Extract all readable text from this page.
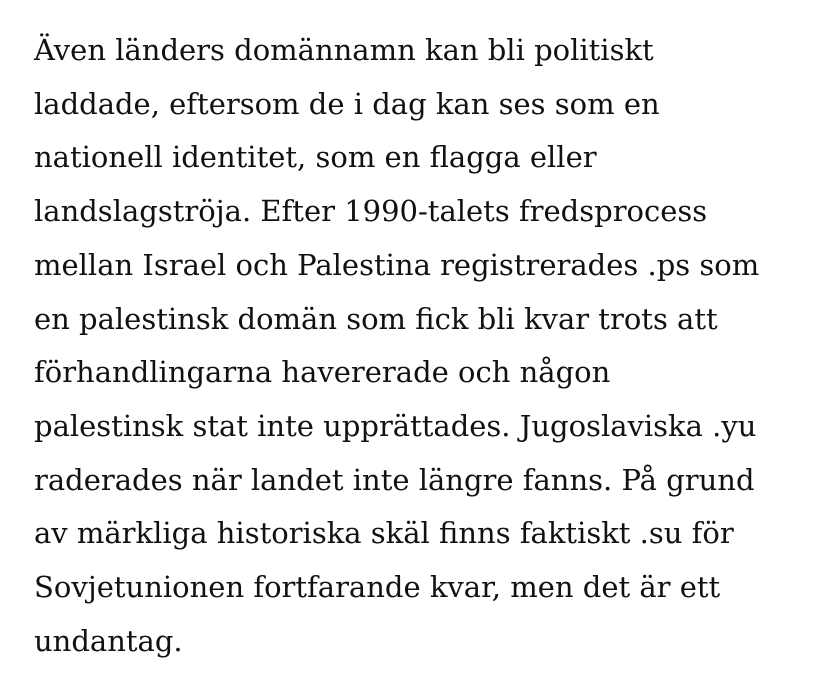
Även länders domännamn kan bli politiskt
laddade, eftersom de i dag kan ses som en
nationell identitet, som en flagga eller
landslagströja. Efter 1990-talets fredsprocess
mellan Israel och Palestina registrerades .ps som
en palestinsk domän som fick bli kvar trots att
förhandlingarna havererade och någon
palestinsk stat inte upprättades. Jugoslaviska .yu
raderades när landet inte längre fanns. På grund
av märkliga historiska skäl finns faktiskt .su för
Sovjetunionen fortfarande kvar, men det är ett
undantag.
